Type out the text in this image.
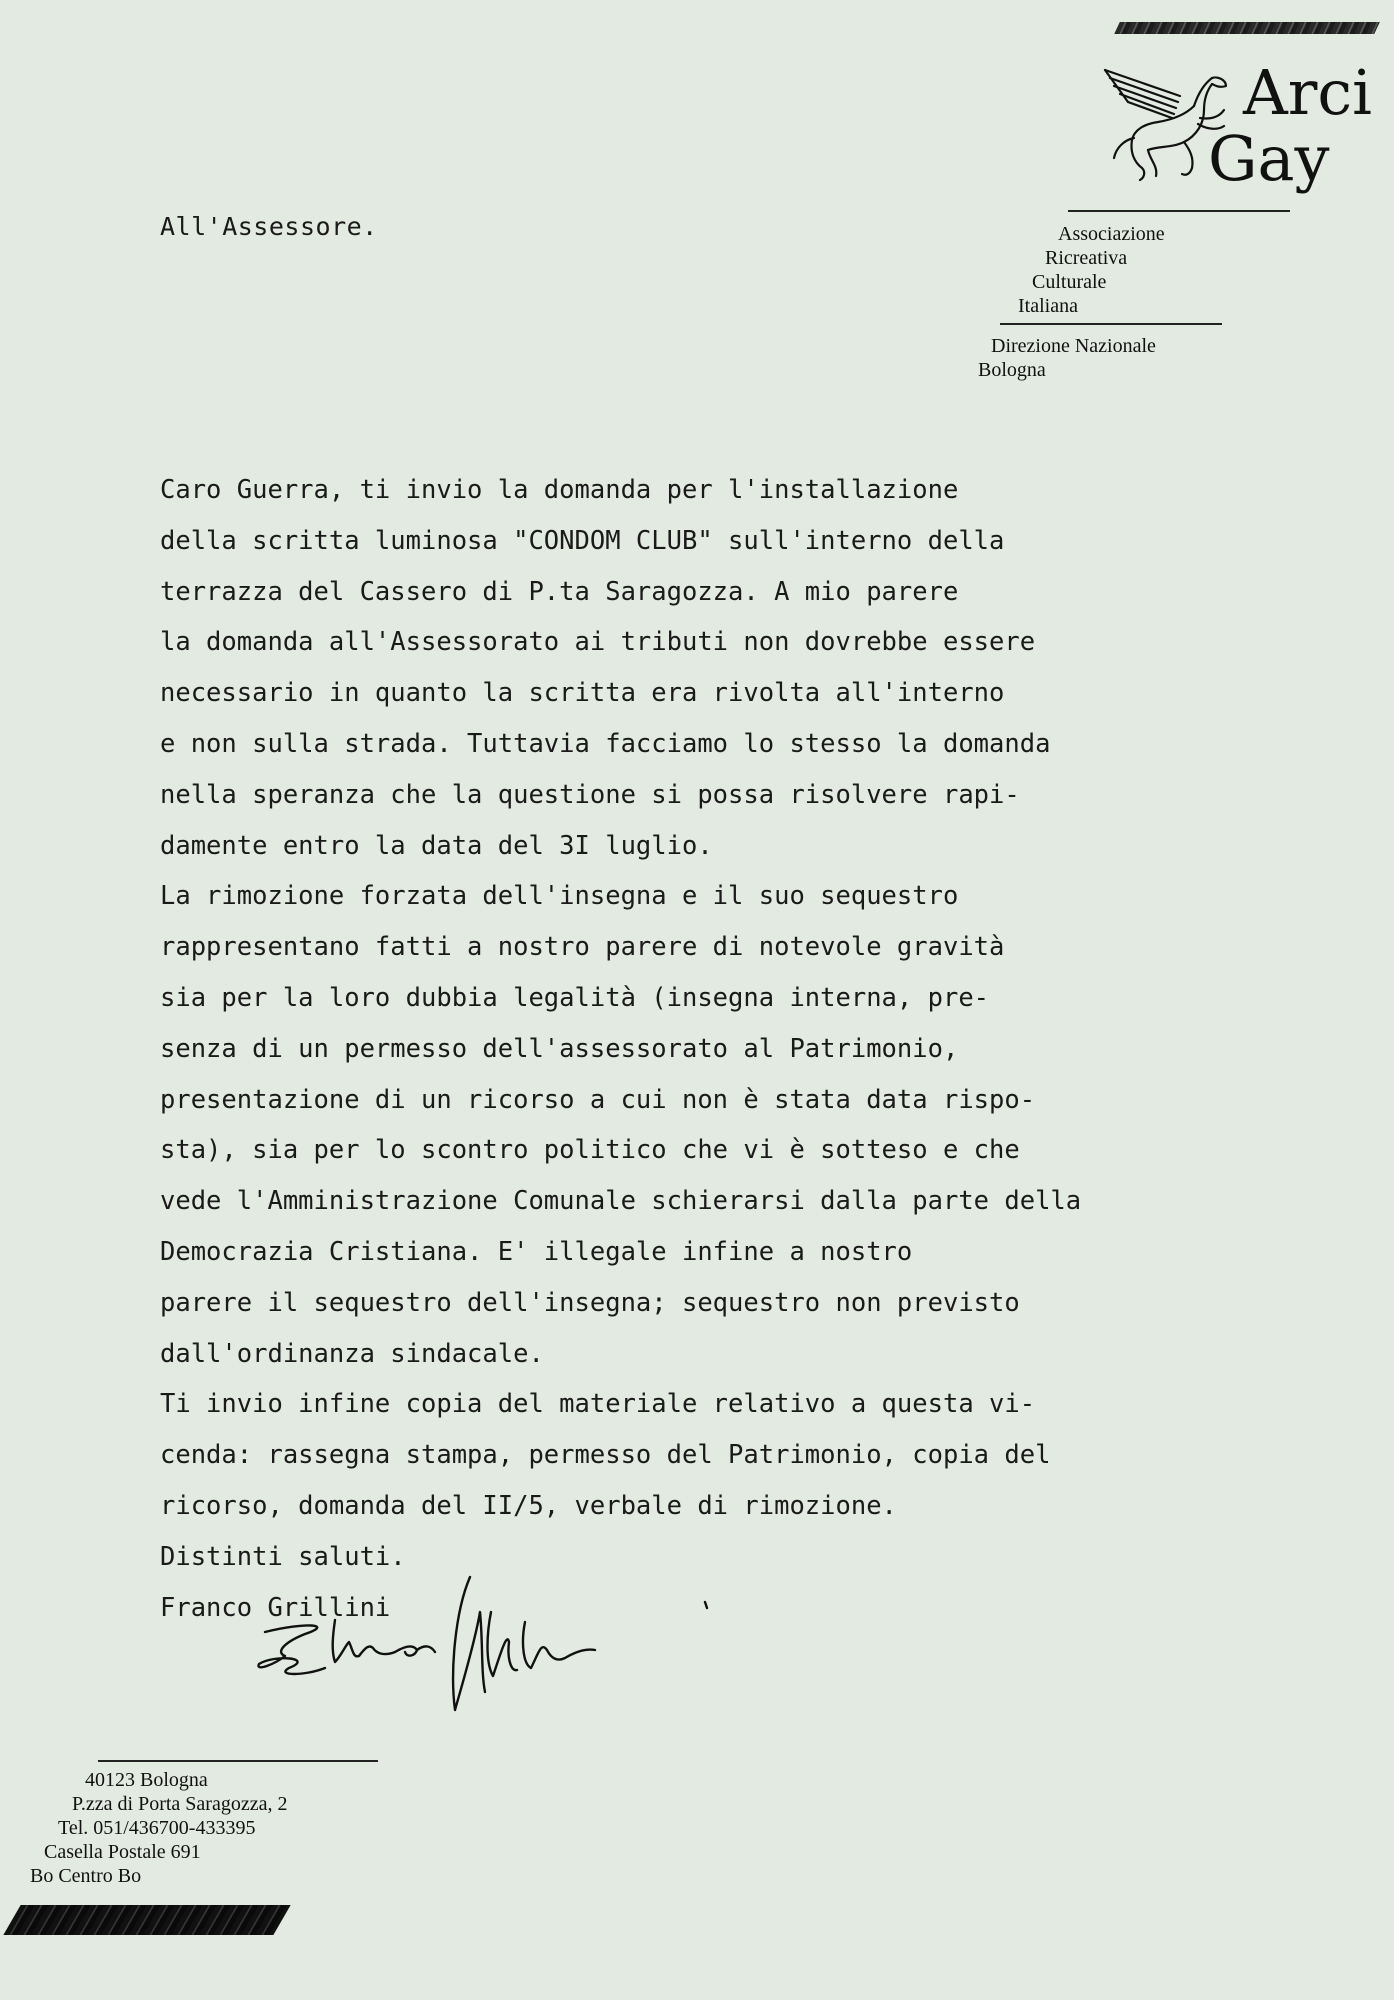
Arci
Gay
Associazione
Ricreativa
Culturale
Italiana
Direzione Nazionale
Bologna
All'Assessore.
Caro Guerra, ti invio la domanda per l'installazione
della scritta luminosa "CONDOM CLUB" sull'interno della
terrazza del Cassero di P.ta Saragozza. A mio parere
la domanda all'Assessorato ai tributi non dovrebbe essere
necessario in quanto la scritta era rivolta all'interno
e non sulla strada. Tuttavia facciamo lo stesso la domanda
nella speranza che la questione si possa risolvere rapi-
damente entro la data del 3I luglio.
La rimozione forzata dell'insegna e il suo sequestro
rappresentano fatti a nostro parere di notevole gravità
sia per la loro dubbia legalità (insegna interna, pre-
senza di un permesso dell'assessorato al Patrimonio,
presentazione di un ricorso a cui non è stata data rispo-
sta), sia per lo scontro politico che vi è sotteso e che
vede l'Amministrazione Comunale schierarsi dalla parte della
Democrazia Cristiana. E' illegale infine a nostro
parere il sequestro dell'insegna; sequestro non previsto
dall'ordinanza sindacale.
Ti invio infine copia del materiale relativo a questa vi-
cenda: rassegna stampa, permesso del Patrimonio, copia del
ricorso, domanda del II/5, verbale di rimozione.
Distinti saluti.
Franco Grillini
40123 Bologna
P.zza di Porta Saragozza, 2
Tel. 051/436700-433395
Casella Postale 691
Bo Centro Bo
